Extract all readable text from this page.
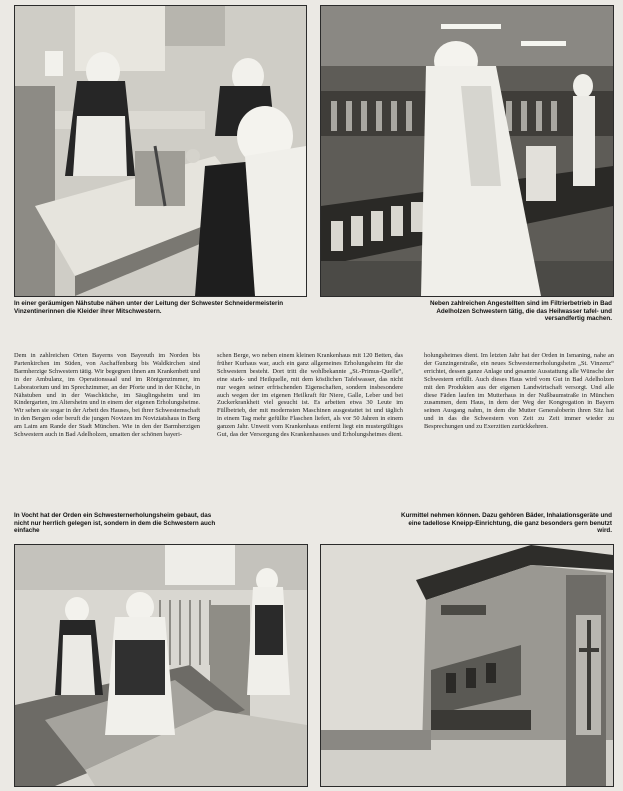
In einer geräumigen Nähstube nähen unter der Leitung der Schwester Schneidermeisterin Vinzentinerinnen die Kleider ihrer Mitschwestern.
Neben zahlreichen Angestellten sind im Filtrierbetrieb in Bad Adelholzen Schwestern tätig, die das Heilwasser tafel- und versandfertig machen.
Dem in zahlreichen Orten Bayerns von Bayreuth im Norden bis Partenkirchen im Süden, von Aschaffenburg bis Waldkirchen sind Barmherzige Schwestern tätig. Wir begegnen ihnen am Krankenbett und in der Ambulanz, im Operationssaal und im Röntgenzimmer, im Laboratorium und im Sprechzimmer, an der Pforte und in der Küche, in Nähstuben und in der Waschküche, im Säuglingsheim und im Kindergarten, im Altersheim und in einem der eigenen Erholungsheime. Wir sehen sie sogar in der Arbeit des Hauses, bei ihrer Schwesternschaft in den Bergen oder beruft die jungen Novizen im Noviziatshaus in Berg am Laim am Rande der Stadt München. Wie in den der Barmherzigen Schwestern auch in Bad Adelholzen, umatten der schönen bayeri-
schen Berge, wo neben einem kleinen Krankenhaus mit 120 Betten, das früher Kurhaus war, auch ein ganz allgemeines Erholungsheim für die Schwestern besteht. Dort tritt die wohlbekannte „St.-Primus-Quelle“, eine stark- und Heilquelle, mit dem köstlichen Tafelwasser, das nicht nur wegen seiner erfrischenden Eigenschaften, sondern insbesondere auch wegen der im eigenen Heilkraft für Niere, Galle, Leber und bei Zuckerkrankheit viel gesucht ist. Es arbeiten etwa 30 Leute im Füllbetrieb, der mit modernsten Maschinen ausgestattet ist und täglich in einem Tag mehr gefüllte Flaschen liefert, als vor 50 Jahren in einem ganzen Jahr. Unweit vom Krankenhaus entfernt liegt ein mustergültiges Gut, das der Versorgung des Krankenhauses und Erholungsheimes dient.
holungsheimes dient. Im letzten Jahr hat der Orden in Ismaning, nahe an der Gunzingerstraße, ein neues Schwesternerholungsheim „St. Vinzenz“ errichtet, dessen ganze Anlage und gesamte Ausstattung alle Wünsche der Schwestern erfüllt. Auch dieses Haus wird vom Gut in Bad Adelholzen mit den Produkten aus der eigenen Landwirtschaft versorgt. Und alle diese Fäden laufen im Mutterhaus in der Nußbaumstraße in München zusammen, dem Haus, in dem der Weg der Kongregation in Bayern seinen Ausgang nahm, in dem die Mutter Generaloberin ihren Sitz hat und in das die Schwestern von Zeit zu Zeit immer wieder zu Besprechungen und zu Exerzitien zurückkehren.
In Vocht hat der Orden ein Schwesternerholungsheim gebaut, das nicht nur herrlich gelegen ist, sondern in dem die Schwestern auch einfache
Kurmittel nehmen können. Dazu gehören Bäder, Inhalationsgeräte und eine tadellose Kneipp-Einrichtung, die ganz besonders gern benutzt wird.
